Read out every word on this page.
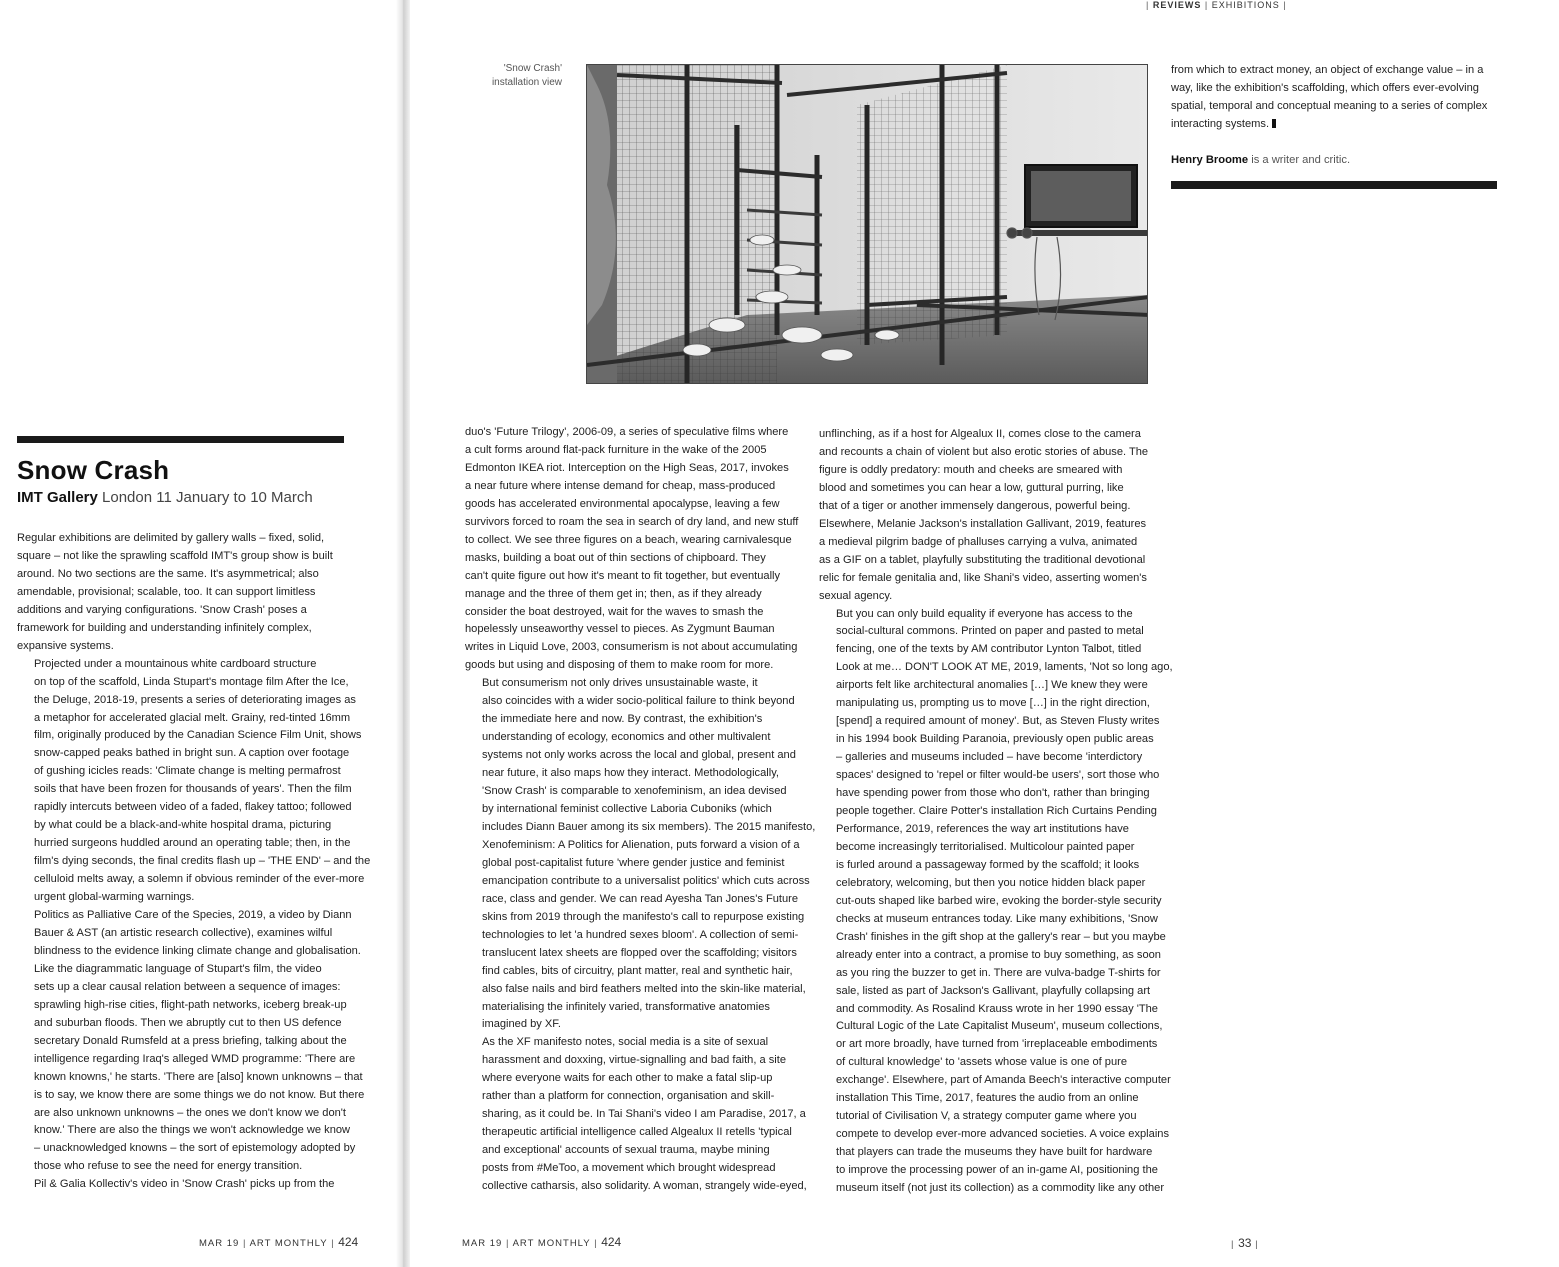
| REVIEWS | EXHIBITIONS |
Snow Crash
IMT Gallery London 11 January to 10 March

Regular exhibitions are delimited by gallery walls – fixed, solid,
square – not like the sprawling scaffold IMT's group show is built
around. No two sections are the same. It's asymmetrical; also
amendable, provisional; scalable, too. It can support limitless
additions and varying configurations. 'Snow Crash' poses a
framework for building and understanding infinitely complex,
expansive systems.

Projected under a mountainous white cardboard structure
on top of the scaffold, Linda Stupart's montage film After the Ice,
the Deluge, 2018-19, presents a series of deteriorating images as
a metaphor for accelerated glacial melt. Grainy, red-tinted 16mm
film, originally produced by the Canadian Science Film Unit, shows
snow-capped peaks bathed in bright sun. A caption over footage
of gushing icicles reads: 'Climate change is melting permafrost
soils that have been frozen for thousands of years'. Then the film
rapidly intercuts between video of a faded, flakey tattoo; followed
by what could be a black-and-white hospital drama, picturing
hurried surgeons huddled around an operating table; then, in the
film's dying seconds, the final credits flash up – 'THE END' – and the
celluloid melts away, a solemn if obvious reminder of the ever-more
urgent global-warming warnings.

Politics as Palliative Care of the Species, 2019, a video by Diann
Bauer & AST (an artistic research collective), examines wilful
blindness to the evidence linking climate change and globalisation.
Like the diagrammatic language of Stupart's film, the video
sets up a clear causal relation between a sequence of images:
sprawling high-rise cities, flight-path networks, iceberg break-up
and suburban floods. Then we abruptly cut to then US defence
secretary Donald Rumsfeld at a press briefing, talking about the
intelligence regarding Iraq's alleged WMD programme: 'There are
known knowns,' he starts. 'There are [also] known unknowns – that
is to say, we know there are some things we do not know. But there
are also unknown unknowns – the ones we don't know we don't
know.' There are also the things we won't acknowledge we know
– unacknowledged knowns – the sort of epistemology adopted by
those who refuse to see the need for energy transition.

Pil & Galia Kollectiv's video in 'Snow Crash' picks up from the

duo's 'Future Trilogy', 2006-09, a series of speculative films where
a cult forms around flat-pack furniture in the wake of the 2005
Edmonton IKEA riot. Interception on the High Seas, 2017, invokes
a near future where intense demand for cheap, mass-produced
goods has accelerated environmental apocalypse, leaving a few
survivors forced to roam the sea in search of dry land, and new stuff
to collect. We see three figures on a beach, wearing carnivalesque
masks, building a boat out of thin sections of chipboard. They
can't quite figure out how it's meant to fit together, but eventually
manage and the three of them get in; then, as if they already
consider the boat destroyed, wait for the waves to smash the
hopelessly unseaworthy vessel to pieces. As Zygmunt Bauman
writes in Liquid Love, 2003, consumerism is not about accumulating
goods but using and disposing of them to make room for more.

But consumerism not only drives unsustainable waste, it
also coincides with a wider socio-political failure to think beyond
the immediate here and now. By contrast, the exhibition's
understanding of ecology, economics and other multivalent
systems not only works across the local and global, present and
near future, it also maps how they interact. Methodologically,
'Snow Crash' is comparable to xenofeminism, an idea devised
by international feminist collective Laboria Cuboniks (which
includes Diann Bauer among its six members). The 2015 manifesto,
Xenofeminism: A Politics for Alienation, puts forward a vision of a
global post-capitalist future 'where gender justice and feminist
emancipation contribute to a universalist politics' which cuts across
race, class and gender. We can read Ayesha Tan Jones's Future
skins from 2019 through the manifesto's call to repurpose existing
technologies to let 'a hundred sexes bloom'. A collection of semi-
translucent latex sheets are flopped over the scaffolding; visitors
find cables, bits of circuitry, plant matter, real and synthetic hair,
also false nails and bird feathers melted into the skin-like material,
materialising the infinitely varied, transformative anatomies
imagined by XF.

As the XF manifesto notes, social media is a site of sexual
harassment and doxxing, virtue-signalling and bad faith, a site
where everyone waits for each other to make a fatal slip-up
rather than a platform for connection, organisation and skill-
sharing, as it could be. In Tai Shani's video I am Paradise, 2017, a
therapeutic artificial intelligence called Algealux II retells 'typical
and exceptional' accounts of sexual trauma, maybe mining
posts from #MeToo, a movement which brought widespread
collective catharsis, also solidarity. A woman, strangely wide-eyed,

unflinching, as if a host for Algealux II, comes close to the camera
and recounts a chain of violent but also erotic stories of abuse. The
figure is oddly predatory: mouth and cheeks are smeared with
blood and sometimes you can hear a low, guttural purring, like
that of a tiger or another immensely dangerous, powerful being.
Elsewhere, Melanie Jackson's installation Gallivant, 2019, features
a medieval pilgrim badge of phalluses carrying a vulva, animated
as a GIF on a tablet, playfully substituting the traditional devotional
relic for female genitalia and, like Shani's video, asserting women's
sexual agency.

But you can only build equality if everyone has access to the
social-cultural commons. Printed on paper and pasted to metal
fencing, one of the texts by AM contributor Lynton Talbot, titled
Look at me… DON'T LOOK AT ME, 2019, laments, 'Not so long ago,
airports felt like architectural anomalies […] We knew they were
manipulating us, prompting us to move […] in the right direction,
[spend] a required amount of money'. But, as Steven Flusty writes
in his 1994 book Building Paranoia, previously open public areas
– galleries and museums included – have become 'interdictory
spaces' designed to 'repel or filter would-be users', sort those who
have spending power from those who don't, rather than bringing
people together. Claire Potter's installation Rich Curtains Pending
Performance, 2019, references the way art institutions have
become increasingly territorialised. Multicolour painted paper
is furled around a passageway formed by the scaffold; it looks
celebratory, welcoming, but then you notice hidden black paper
cut-outs shaped like barbed wire, evoking the border-style security
checks at museum entrances today. Like many exhibitions, 'Snow
Crash' finishes in the gift shop at the gallery's rear – but you maybe
already enter into a contract, a promise to buy something, as soon
as you ring the buzzer to get in. There are vulva-badge T-shirts for
sale, listed as part of Jackson's Gallivant, playfully collapsing art
and commodity. As Rosalind Krauss wrote in her 1990 essay 'The
Cultural Logic of the Late Capitalist Museum', museum collections,
or art more broadly, have turned from 'irreplaceable embodiments
of cultural knowledge' to 'assets whose value is one of pure
exchange'. Elsewhere, part of Amanda Beech's interactive computer
installation This Time, 2017, features the audio from an online
tutorial of Civilisation V, a strategy computer game where you
compete to develop ever-more advanced societies. A voice explains
that players can trade the museums they have built for hardware
to improve the processing power of an in-game AI, positioning the
museum itself (not just its collection) as a commodity like any other

from which to extract money, an object of exchange value – in a
way, like the exhibition's scaffolding, which offers ever-evolving
spatial, temporal and conceptual meaning to a series of complex
interacting systems.

'Snow Crash'
installation view
Henry Broome is a writer and critic.
MAR 19 | ART MONTHLY | 424	MAR 19 | ART MONTHLY | 424	| 33 |
